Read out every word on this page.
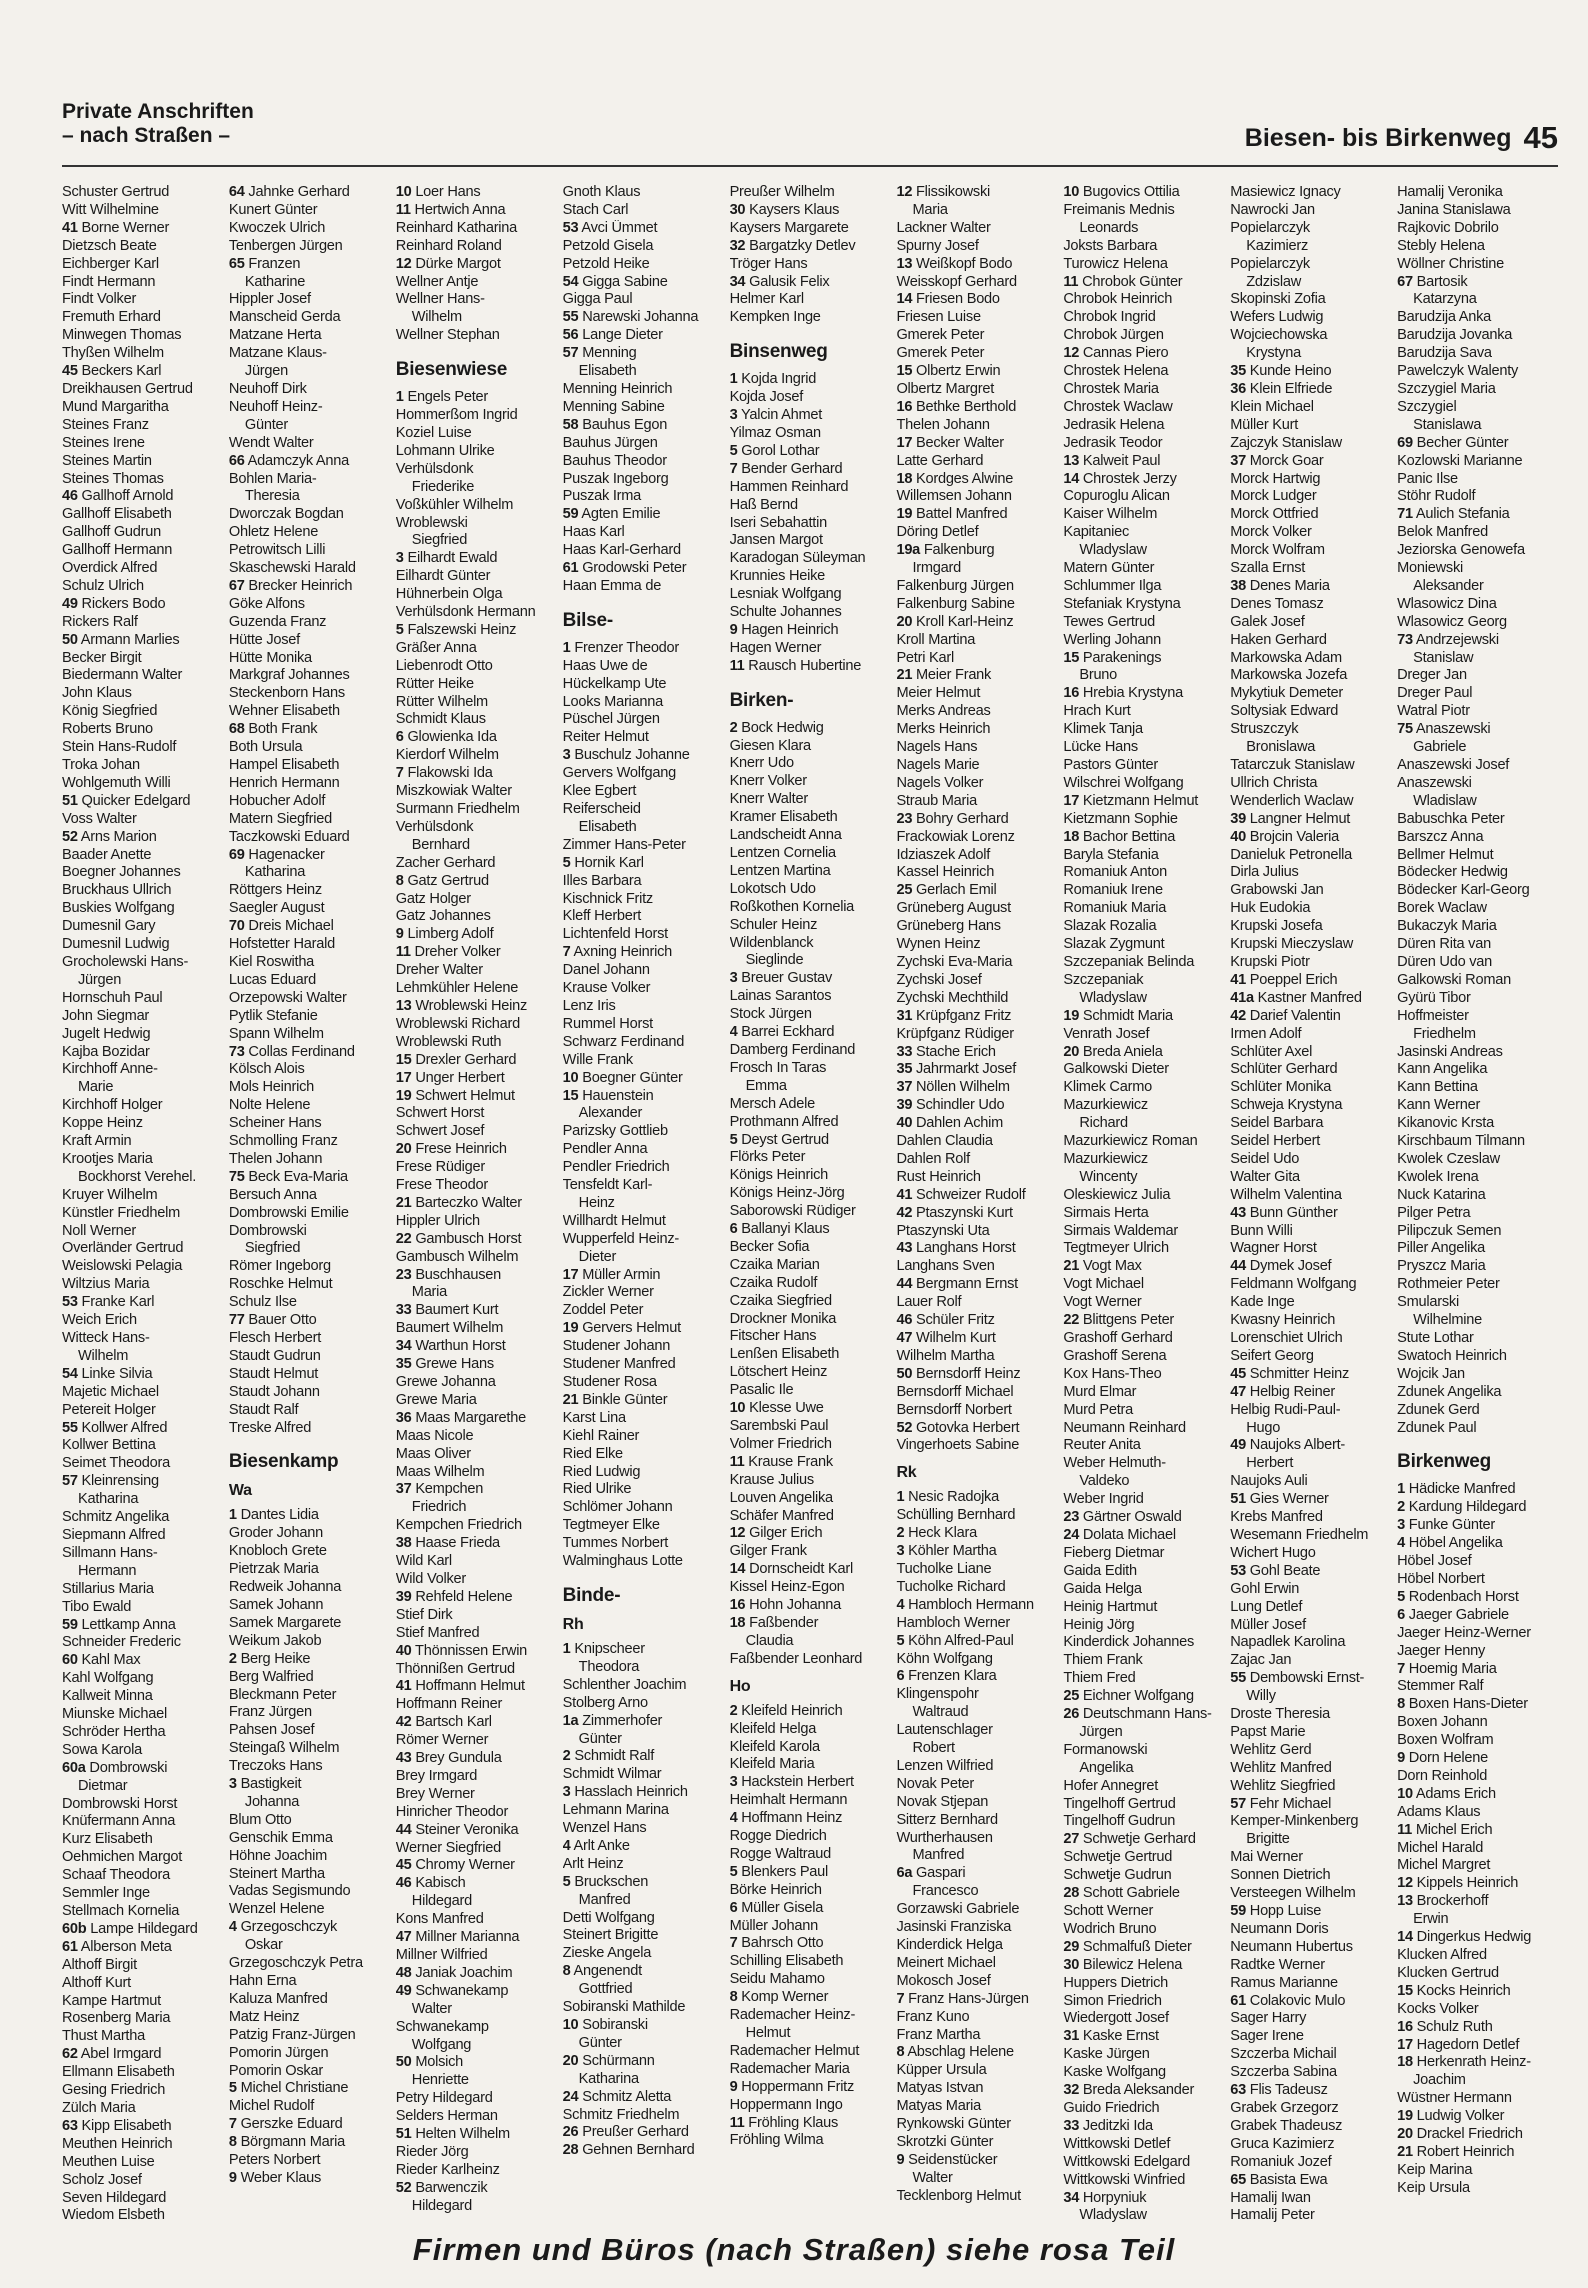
Private Anschriften
– nach Straßen –	Biesen- bis Birkenweg 45
Schuster Gertrud
Witt Wilhelmine
41 Borne Werner
Dietzsch Beate
Eichberger Karl
Findt Hermann
Findt Volker
Fremuth Erhard
Minwegen Thomas
Thyßen Wilhelm
45 Beckers Karl
Dreikhausen Gertrud
Mund Margaritha
Steines Franz
Steines Irene
Steines Martin
Steines Thomas
46 Gallhoff Arnold
Gallhoff Elisabeth
Gallhoff Gudrun
Gallhoff Hermann
Overdick Alfred
Schulz Ulrich
49 Rickers Bodo
Rickers Ralf
50 Armann Marlies
Becker Birgit
Biedermann Walter
John Klaus
König Siegfried
Roberts Bruno
Stein Hans-Rudolf
Troka Johan
Wohlgemuth Willi
51 Quicker Edelgard
Voss Walter
52 Arns Marion
Baader Anette
Boegner Johannes
Bruckhaus Ullrich
Buskies Wolfgang
Dumesnil Gary
Dumesnil Ludwig
Grocholewski Hans-
Jürgen
Hornschuh Paul
John Siegmar
Jugelt Hedwig
Kajba Bozidar
Kirchhoff Anne-
Marie
Kirchhoff Holger
Koppe Heinz
Kraft Armin
Krootjes Maria
Bockhorst Verehel.
Kruyer Wilhelm
Künstler Friedhelm
Noll Werner
Overländer Gertrud
Weislowski Pelagia
Wiltzius Maria
53 Franke Karl
Weich Erich
Witteck Hans-
Wilhelm
54 Linke Silvia
Majetic Michael
Petereit Holger
55 Kollwer Alfred
Kollwer Bettina
Seimet Theodora
57 Kleinrensing
Katharina
Schmitz Angelika
Siepmann Alfred
Sillmann Hans-
Hermann
Stillarius Maria
Tibo Ewald
59 Lettkamp Anna
Schneider Frederic
60 Kahl Max
Kahl Wolfgang
Kallweit Minna
Miunske Michael
Schröder Hertha
Sowa Karola
60a Dombrowski
Dietmar
Dombrowski Horst
Knüfermann Anna
Kurz Elisabeth
Oehmichen Margot
Schaaf Theodora
Semmler Inge
Stellmach Kornelia
60b Lampe Hildegard
61 Alberson Meta
Althoff Birgit
Althoff Kurt
Kampe Hartmut
Rosenberg Maria
Thust Martha
62 Abel Irmgard
Ellmann Elisabeth
Gesing Friedrich
Zülch Maria
63 Kipp Elisabeth
Meuthen Heinrich
Meuthen Luise
Scholz Josef
Seven Hildegard
Wiedom Elsbeth
64 Jahnke Gerhard
Kunert Günter
Kwoczek Ulrich
Tenbergen Jürgen
65 Franzen
Katharine
Hippler Josef
Manscheid Gerda
Matzane Herta
Matzane Klaus-
Jürgen
Neuhoff Dirk
Neuhoff Heinz-
Günter
Wendt Walter
66 Adamczyk Anna
Bohlen Maria-
Theresia
Dworczak Bogdan
Ohletz Helene
Petrowitsch Lilli
Skaschewski Harald
67 Brecker Heinrich
Göke Alfons
Guzenda Franz
Hütte Josef
Hütte Monika
Markgraf Johannes
Steckenborn Hans
Wehner Elisabeth
68 Both Frank
Both Ursula
Hampel Elisabeth
Henrich Hermann
Hobucher Adolf
Matern Siegfried
Taczkowski Eduard
69 Hagenacker
Katharina
Röttgers Heinz
Saegler August
70 Dreis Michael
Hofstetter Harald
Kiel Roswitha
Lucas Eduard
Orzepowski Walter
Pytlik Stefanie
Spann Wilhelm
73 Collas Ferdinand
Kölsch Alois
Mols Heinrich
Nolte Helene
Scheiner Hans
Schmolling Franz
Thelen Johann
75 Beck Eva-Maria
Bersuch Anna
Dombrowski Emilie
Dombrowski
Siegfried
Römer Ingeborg
Roschke Helmut
Schulz Ilse
77 Bauer Otto
Flesch Herbert
Staudt Gudrun
Staudt Helmut
Staudt Johann
Staudt Ralf
Treske Alfred
Biesenkamp
Wa
1 Dantes Lidia
Groder Johann
Knobloch Grete
Pietrzak Maria
Redweik Johanna
Samek Johann
Samek Margarete
Weikum Jakob
2 Berg Heike
Berg Walfried
Bleckmann Peter
Franz Jürgen
Pahsen Josef
Steingaß Wilhelm
Treczoks Hans
3 Bastigkeit
Johanna
Blum Otto
Genschik Emma
Höhne Joachim
Steinert Martha
Vadas Segismundo
Wenzel Helene
4 Grzegoschczyk
Oskar
Grzegoschczyk Petra
Hahn Erna
Kaluza Manfred
Matz Heinz
Patzig Franz-Jürgen
Pomorin Jürgen
Pomorin Oskar
5 Michel Christiane
Michel Rudolf
7 Gerszke Eduard
8 Börgmann Maria
Peters Norbert
9 Weber Klaus
10 Loer Hans
11 Hertwich Anna
Reinhard Katharina
Reinhard Roland
12 Dürke Margot
Wellner Antje
Wellner Hans-
Wilhelm
Wellner Stephan
Biesenwiese
1 Engels Peter
Hommerßom Ingrid
Koziel Luise
Lohmann Ulrike
Verhülsdonk
Friederike
Voßkühler Wilhelm
Wroblewski
Siegfried
3 Eilhardt Ewald
Eilhardt Günter
Hühnerbein Olga
Verhülsdonk Hermann
5 Falszewski Heinz
Gräßer Anna
Liebenrodt Otto
Rütter Heike
Rütter Wilhelm
Schmidt Klaus
6 Glowienka Ida
Kierdorf Wilhelm
7 Flakowski Ida
Miszkowiak Walter
Surmann Friedhelm
Verhülsdonk
Bernhard
Zacher Gerhard
8 Gatz Gertrud
Gatz Holger
Gatz Johannes
9 Limberg Adolf
11 Dreher Volker
Dreher Walter
Lehmkühler Helene
13 Wroblewski Heinz
Wroblewski Richard
Wroblewski Ruth
15 Drexler Gerhard
17 Unger Herbert
19 Schwert Helmut
Schwert Horst
Schwert Josef
20 Frese Heinrich
Frese Rüdiger
Frese Theodor
21 Barteczko Walter
Hippler Ulrich
22 Gambusch Horst
Gambusch Wilhelm
23 Buschhausen
Maria
33 Baumert Kurt
Baumert Wilhelm
34 Warthun Horst
35 Grewe Hans
Grewe Johanna
Grewe Maria
36 Maas Margarethe
Maas Nicole
Maas Oliver
Maas Wilhelm
37 Kempchen
Friedrich
Kempchen Friedrich
38 Haase Frieda
Wild Karl
Wild Volker
39 Rehfeld Helene
Stief Dirk
Stief Manfred
40 Thönnissen Erwin
Thönnißen Gertrud
41 Hoffmann Helmut
Hoffmann Reiner
42 Bartsch Karl
Römer Werner
43 Brey Gundula
Brey Irmgard
Brey Werner
Hinricher Theodor
44 Steiner Veronika
Werner Siegfried
45 Chromy Werner
46 Kabisch
Hildegard
Kons Manfred
47 Millner Marianna
Millner Wilfried
48 Janiak Joachim
49 Schwanekamp
Walter
Schwanekamp
Wolfgang
50 Molsich
Henriette
Petry Hildegard
Selders Herman
51 Helten Wilhelm
Rieder Jörg
Rieder Karlheinz
52 Barwenczik
Hildegard
Gnoth Klaus
Stach Carl
53 Avci Ümmet
Petzold Gisela
Petzold Heike
54 Gigga Sabine
Gigga Paul
55 Narewski Johanna
56 Lange Dieter
57 Menning
Elisabeth
Menning Heinrich
Menning Sabine
58 Bauhus Egon
Bauhus Jürgen
Bauhus Theodor
Puszak Ingeborg
Puszak Irma
59 Agten Emilie
Haas Karl
Haas Karl-Gerhard
61 Grodowski Peter
Haan Emma de
Bilse-
1 Frenzer Theodor
Haas Uwe de
Hückelkamp Ute
Looks Marianna
Püschel Jürgen
Reiter Helmut
3 Buschulz Johanne
Gervers Wolfgang
Klee Egbert
Reiferscheid
Elisabeth
Zimmer Hans-Peter
5 Hornik Karl
Illes Barbara
Kischnick Fritz
Kleff Herbert
Lichtenfeld Horst
7 Axning Heinrich
Danel Johann
Krause Volker
Lenz Iris
Rummel Horst
Schwarz Ferdinand
Wille Frank
10 Boegner Günter
15 Hauenstein
Alexander
Parizsky Gottlieb
Pendler Anna
Pendler Friedrich
Tensfeldt Karl-
Heinz
Willhardt Helmut
Wupperfeld Heinz-
Dieter
17 Müller Armin
Zickler Werner
Zoddel Peter
19 Gervers Helmut
Studener Johann
Studener Manfred
Studener Rosa
21 Binkle Günter
Karst Lina
Kiehl Rainer
Ried Elke
Ried Ludwig
Ried Ulrike
Schlömer Johann
Tegtmeyer Elke
Tummes Norbert
Walminghaus Lotte
Binde-
Rh
1 Knipscheer
Theodora
Schlenther Joachim
Stolberg Arno
1a Zimmerhofer
Günter
2 Schmidt Ralf
Schmidt Wilmar
3 Hasslach Heinrich
Lehmann Marina
Wenzel Hans
4 Arlt Anke
Arlt Heinz
5 Bruckschen
Manfred
Detti Wolfgang
Steinert Brigitte
Zieske Angela
8 Angenendt
Gottfried
Sobiranski Mathilde
10 Sobiranski
Günter
20 Schürmann
Katharina
24 Schmitz Aletta
Schmitz Friedhelm
26 Preußer Gerhard
28 Gehnen Bernhard
Preußer Wilhelm
30 Kaysers Klaus
Kaysers Margarete
32 Bargatzky Detlev
Tröger Hans
34 Galusik Felix
Helmer Karl
Kempken Inge
Binsenweg
1 Kojda Ingrid
Kojda Josef
3 Yalcin Ahmet
Yilmaz Osman
5 Gorol Lothar
7 Bender Gerhard
Hammen Reinhard
Haß Bernd
Iseri Sebahattin
Jansen Margot
Karadogan Süleyman
Krunnies Heike
Lesniak Wolfgang
Schulte Johannes
9 Hagen Heinrich
Hagen Werner
11 Rausch Hubertine
Birken-
2 Bock Hedwig
Giesen Klara
Knerr Udo
Knerr Volker
Knerr Walter
Kramer Elisabeth
Landscheidt Anna
Lentzen Cornelia
Lentzen Martina
Lokotsch Udo
Roßkothen Kornelia
Schuler Heinz
Wildenblanck
Sieglinde
3 Breuer Gustav
Lainas Sarantos
Stock Jürgen
4 Barrei Eckhard
Damberg Ferdinand
Frosch In Taras
Emma
Mersch Adele
Prothmann Alfred
5 Deyst Gertrud
Flörks Peter
Königs Heinrich
Königs Heinz-Jörg
Saborowski Rüdiger
6 Ballanyi Klaus
Becker Sofia
Czaika Marian
Czaika Rudolf
Czaika Siegfried
Drockner Monika
Fitscher Hans
Lenßen Elisabeth
Lötschert Heinz
Pasalic Ile
10 Klesse Uwe
Sarembski Paul
Volmer Friedrich
11 Krause Frank
Krause Julius
Louven Angelika
Schäfer Manfred
12 Gilger Erich
Gilger Frank
14 Dornscheidt Karl
Kissel Heinz-Egon
16 Hohn Johanna
18 Faßbender
Claudia
Faßbender Leonhard
Ho
2 Kleifeld Heinrich
Kleifeld Helga
Kleifeld Karola
Kleifeld Maria
3 Hackstein Herbert
Heimhalt Hermann
4 Hoffmann Heinz
Rogge Diedrich
Rogge Waltraud
5 Blenkers Paul
Börke Heinrich
6 Müller Gisela
Müller Johann
7 Bahrsch Otto
Schilling Elisabeth
Seidu Mahamo
8 Komp Werner
Rademacher Heinz-
Helmut
Rademacher Helmut
Rademacher Maria
9 Hoppermann Fritz
Hoppermann Ingo
11 Fröhling Klaus
Fröhling Wilma
12 Flissikowski
Maria
Lackner Walter
Spurny Josef
13 Weißkopf Bodo
Weisskopf Gerhard
14 Friesen Bodo
Friesen Luise
Gmerek Peter
Gmerek Peter
15 Olbertz Erwin
Olbertz Margret
16 Bethke Berthold
Thelen Johann
17 Becker Walter
Latte Gerhard
18 Kordges Alwine
Willemsen Johann
19 Battel Manfred
Döring Detlef
19a Falkenburg
Irmgard
Falkenburg Jürgen
Falkenburg Sabine
20 Kroll Karl-Heinz
Kroll Martina
Petri Karl
21 Meier Frank
Meier Helmut
Merks Andreas
Merks Heinrich
Nagels Hans
Nagels Marie
Nagels Volker
Straub Maria
23 Bohry Gerhard
Frackowiak Lorenz
Idziaszek Adolf
Kassel Heinrich
25 Gerlach Emil
Grüneberg August
Grüneberg Hans
Wynen Heinz
Zychski Eva-Maria
Zychski Josef
Zychski Mechthild
31 Krüpfganz Fritz
Krüpfganz Rüdiger
33 Stache Erich
35 Jahrmarkt Josef
37 Nöllen Wilhelm
39 Schindler Udo
40 Dahlen Achim
Dahlen Claudia
Dahlen Rolf
Rust Heinrich
41 Schweizer Rudolf
42 Ptaszynski Kurt
Ptaszynski Uta
43 Langhans Horst
Langhans Sven
44 Bergmann Ernst
Lauer Rolf
46 Schüler Fritz
47 Wilhelm Kurt
Wilhelm Martha
50 Bernsdorff Heinz
Bernsdorff Michael
Bernsdorff Norbert
52 Gotovka Herbert
Vingerhoets Sabine
Rk
1 Nesic Radojka
Schülling Bernhard
2 Heck Klara
3 Köhler Martha
Tucholke Liane
Tucholke Richard
4 Hambloch Hermann
Hambloch Werner
5 Köhn Alfred-Paul
Köhn Wolfgang
6 Frenzen Klara
Klingenspohr
Waltraud
Lautenschlager
Robert
Lenzen Wilfried
Novak Peter
Novak Stjepan
Sitterz Bernhard
Wurtherhausen
Manfred
6a Gaspari
Francesco
Gorzawski Gabriele
Jasinski Franziska
Kinderdick Helga
Meinert Michael
Mokosch Josef
7 Franz Hans-Jürgen
Franz Kuno
Franz Martha
8 Abschlag Helene
Küpper Ursula
Matyas Istvan
Matyas Maria
Rynkowski Günter
Skrotzki Günter
9 Seidenstücker
Walter
Tecklenborg Helmut
10 Bugovics Ottilia
Freimanis Mednis
Leonards
Joksts Barbara
Turowicz Helena
11 Chrobok Günter
Chrobok Heinrich
Chrobok Ingrid
Chrobok Jürgen
12 Cannas Piero
Chrostek Helena
Chrostek Maria
Chrostek Waclaw
Jedrasik Helena
Jedrasik Teodor
13 Kalweit Paul
14 Chrostek Jerzy
Copuroglu Alican
Kaiser Wilhelm
Kapitaniec
Wladyslaw
Matern Günter
Schlummer Ilga
Stefaniak Krystyna
Tewes Gertrud
Werling Johann
15 Parakenings
Bruno
16 Hrebia Krystyna
Hrach Kurt
Klimek Tanja
Lücke Hans
Pastors Günter
Wilschrei Wolfgang
17 Kietzmann Helmut
Kietzmann Sophie
18 Bachor Bettina
Baryla Stefania
Romaniuk Anton
Romaniuk Irene
Romaniuk Maria
Slazak Rozalia
Slazak Zygmunt
Szczepaniak Belinda
Szczepaniak
Wladyslaw
19 Schmidt Maria
Venrath Josef
20 Breda Aniela
Galkowski Dieter
Klimek Carmo
Mazurkiewicz
Richard
Mazurkiewicz Roman
Mazurkiewicz
Wincenty
Oleskiewicz Julia
Sirmais Herta
Sirmais Waldemar
Tegtmeyer Ulrich
21 Vogt Max
Vogt Michael
Vogt Werner
22 Blittgens Peter
Grashoff Gerhard
Grashoff Serena
Kox Hans-Theo
Murd Elmar
Murd Petra
Neumann Reinhard
Reuter Anita
Weber Helmuth-
Valdeko
Weber Ingrid
23 Gärtner Oswald
24 Dolata Michael
Fieberg Dietmar
Gaida Edith
Gaida Helga
Heinig Hartmut
Heinig Jörg
Kinderdick Johannes
Thiem Frank
Thiem Fred
25 Eichner Wolfgang
26 Deutschmann Hans-
Jürgen
Formanowski
Angelika
Hofer Annegret
Tingelhoff Gertrud
Tingelhoff Gudrun
27 Schwetje Gerhard
Schwetje Gertrud
Schwetje Gudrun
28 Schott Gabriele
Schott Werner
Wodrich Bruno
29 Schmalfuß Dieter
30 Bilewicz Helena
Huppers Dietrich
Simon Friedrich
Wiedergott Josef
31 Kaske Ernst
Kaske Jürgen
Kaske Wolfgang
32 Breda Aleksander
Guido Friedrich
33 Jeditzki Ida
Wittkowski Detlef
Wittkowski Edelgard
Wittkowski Winfried
34 Horpyniuk
Wladyslaw
Masiewicz Ignacy
Nawrocki Jan
Popielarczyk
Kazimierz
Popielarczyk
Zdzislaw
Skopinski Zofia
Wefers Ludwig
Wojciechowska
Krystyna
35 Kunde Heino
36 Klein Elfriede
Klein Michael
Müller Kurt
Zajczyk Stanislaw
37 Morck Goar
Morck Hartwig
Morck Ludger
Morck Ottfried
Morck Volker
Morck Wolfram
Szalla Ernst
38 Denes Maria
Denes Tomasz
Galek Josef
Haken Gerhard
Markowska Adam
Markowska Jozefa
Mykytiuk Demeter
Soltysiak Edward
Struszczyk
Bronislawa
Tatarczuk Stanislaw
Ullrich Christa
Wenderlich Waclaw
39 Langner Helmut
40 Brojcin Valeria
Danieluk Petronella
Dirla Julius
Grabowski Jan
Huk Eudokia
Krupski Josefa
Krupski Mieczyslaw
Krupski Piotr
41 Poeppel Erich
41a Kastner Manfred
42 Darief Valentin
Irmen Adolf
Schlüter Axel
Schlüter Gerhard
Schlüter Monika
Schweja Krystyna
Seidel Barbara
Seidel Herbert
Seidel Udo
Walter Gita
Wilhelm Valentina
43 Bunn Günther
Bunn Willi
Wagner Horst
44 Dymek Josef
Feldmann Wolfgang
Kade Inge
Kwasny Heinrich
Lorenschiet Ulrich
Seifert Georg
45 Schmitter Heinz
47 Helbig Reiner
Helbig Rudi-Paul-
Hugo
49 Naujoks Albert-
Herbert
Naujoks Auli
51 Gies Werner
Krebs Manfred
Wesemann Friedhelm
Wichert Hugo
53 Gohl Beate
Gohl Erwin
Lung Detlef
Müller Josef
Napadlek Karolina
Zajac Jan
55 Dembowski Ernst-
Willy
Droste Theresia
Papst Marie
Wehlitz Gerd
Wehlitz Manfred
Wehlitz Siegfried
57 Fehr Michael
Kemper-Minkenberg
Brigitte
Mai Werner
Sonnen Dietrich
Versteegen Wilhelm
59 Hopp Luise
Neumann Doris
Neumann Hubertus
Radtke Werner
Ramus Marianne
61 Colakovic Mulo
Sager Harry
Sager Irene
Szczerba Michail
Szczerba Sabina
63 Flis Tadeusz
Grabek Grzegorz
Grabek Thadeusz
Gruca Kazimierz
Romaniuk Jozef
65 Basista Ewa
Hamalij Iwan
Hamalij Peter
Hamalij Veronika
Janina Stanislawa
Rajkovic Dobrilo
Stebly Helena
Wöllner Christine
67 Bartosik
Katarzyna
Barudzija Anka
Barudzija Jovanka
Barudzija Sava
Pawelczyk Walenty
Szczygiel Maria
Szczygiel
Stanislawa
69 Becher Günter
Kozlowski Marianne
Panic Ilse
Stöhr Rudolf
71 Aulich Stefania
Belok Manfred
Jeziorska Genowefa
Moniewski
Aleksander
Wlasowicz Dina
Wlasowicz Georg
73 Andrzejewski
Stanislaw
Dreger Jan
Dreger Paul
Watral Piotr
75 Anaszewski
Gabriele
Anaszewski Josef
Anaszewski
Wladislaw
Babuschka Peter
Barszcz Anna
Bellmer Helmut
Bödecker Hedwig
Bödecker Karl-Georg
Borek Waclaw
Bukaczyk Maria
Düren Rita van
Düren Udo van
Galkowski Roman
Gyürü Tibor
Hoffmeister
Friedhelm
Jasinski Andreas
Kann Angelika
Kann Bettina
Kann Werner
Kikanovic Krsta
Kirschbaum Tilmann
Kwolek Czeslaw
Kwolek Irena
Nuck Katarina
Pilger Petra
Pilipczuk Semen
Piller Angelika
Pryszcz Maria
Rothmeier Peter
Smularski
Wilhelmine
Stute Lothar
Swatoch Heinrich
Wojcik Jan
Zdunek Angelika
Zdunek Gerd
Zdunek Paul
Birkenweg
1 Hädicke Manfred
2 Kardung Hildegard
3 Funke Günter
4 Höbel Angelika
Höbel Josef
Höbel Norbert
5 Rodenbach Horst
6 Jaeger Gabriele
Jaeger Heinz-Werner
Jaeger Henny
7 Hoemig Maria
Stemmer Ralf
8 Boxen Hans-Dieter
Boxen Johann
Boxen Wolfram
9 Dorn Helene
Dorn Reinhold
10 Adams Erich
Adams Klaus
11 Michel Erich
Michel Harald
Michel Margret
12 Kippels Heinrich
13 Brockerhoff
Erwin
14 Dingerkus Hedwig
Klucken Alfred
Klucken Gertrud
15 Kocks Heinrich
Kocks Volker
16 Schulz Ruth
17 Hagedorn Detlef
18 Herkenrath Heinz-
Joachim
Wüstner Hermann
19 Ludwig Volker
20 Drackel Friedrich
21 Robert Heinrich
Keip Marina
Keip Ursula
Firmen und Büros (nach Straßen) siehe rosa Teil
